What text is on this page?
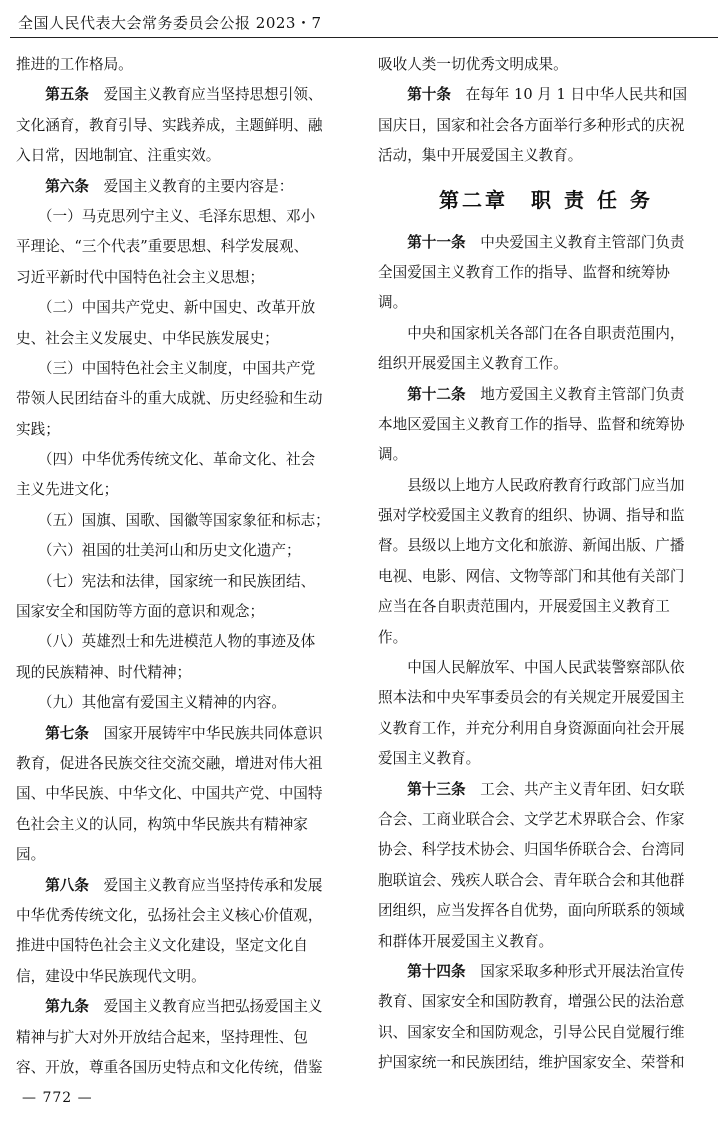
全国人民代表大会常务委员会公报 2023・7
推进的工作格局。
　　第五条　 爱国主义教育应当坚持思想引领、
文化涵育，教育引导、实践养成，主题鲜明、融
入日常，因地制宜、注重实效。
　　第六条　 爱国主义教育的主要内容是：
　　（一）马克思列宁主义、毛泽东思想、邓小
平理论、“三个代表”重要思想、科学发展观、
习近平新时代中国特色社会主义思想；
　　（二）中国共产党史、新中国史、改革开放
史、社会主义发展史、中华民族发展史；
　　（三）中国特色社会主义制度，中国共产党
带领人民团结奋斗的重大成就、历史经验和生动
实践；
　　（四）中华优秀传统文化、革命文化、社会
主义先进文化；
　　（五）国旗、国歌、国徽等国家象征和标志；
　　（六）祖国的壮美河山和历史文化遗产；
　　（七）宪法和法律，国家统一和民族团结、
国家安全和国防等方面的意识和观念；
　　（八）英雄烈士和先进模范人物的事迹及体
现的民族精神、时代精神；
　　（九）其他富有爱国主义精神的内容。
　　第七条　 国家开展铸牢中华民族共同体意识
教育，促进各民族交往交流交融，增进对伟大祖
国、中华民族、中华文化、中国共产党、中国特
色社会主义的认同，构筑中华民族共有精神家
园。
　　第八条　 爱国主义教育应当坚持传承和发展
中华优秀传统文化，弘扬社会主义核心价值观，
推进中国特色社会主义文化建设，坚定文化自
信，建设中华民族现代文明。
　　第九条　 爱国主义教育应当把弘扬爱国主义
精神与扩大对外开放结合起来，坚持理性、包
容、开放，尊重各国历史特点和文化传统，借鉴
吸收人类一切优秀文明成果。
　　第十条　 在每年 10 月 1 日中华人民共和国
国庆日，国家和社会各方面举行多种形式的庆祝
活动，集中开展爱国主义教育。
第二章　职 责 任 务
　　第十一条　 中央爱国主义教育主管部门负责
全国爱国主义教育工作的指导、监督和统筹协
调。
　　中央和国家机关各部门在各自职责范围内，
组织开展爱国主义教育工作。
　　第十二条　 地方爱国主义教育主管部门负责
本地区爱国主义教育工作的指导、监督和统筹协
调。
　　县级以上地方人民政府教育行政部门应当加
强对学校爱国主义教育的组织、协调、指导和监
督。县级以上地方文化和旅游、新闻出版、广播
电视、电影、网信、文物等部门和其他有关部门
应当在各自职责范围内，开展爱国主义教育工
作。
　　中国人民解放军、中国人民武装警察部队依
照本法和中央军事委员会的有关规定开展爱国主
义教育工作，并充分利用自身资源面向社会开展
爱国主义教育。
　　第十三条　 工会、共产主义青年团、妇女联
合会、工商业联合会、文学艺术界联合会、作家
协会、科学技术协会、归国华侨联合会、台湾同
胞联谊会、残疾人联合会、青年联合会和其他群
团组织，应当发挥各自优势，面向所联系的领域
和群体开展爱国主义教育。
　　第十四条　 国家采取多种形式开展法治宣传
教育、国家安全和国防教育，增强公民的法治意
识、国家安全和国防观念，引导公民自觉履行维
护国家统一和民族团结，维护国家安全、荣誉和
— 772 —
